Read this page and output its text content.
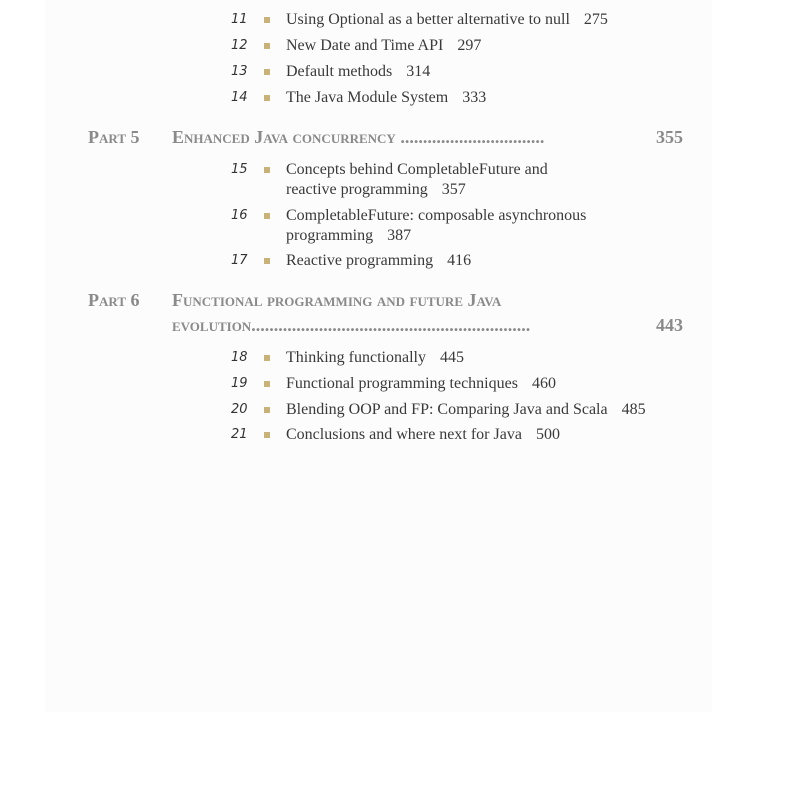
11 Using Optional as a better alternative to null 275
12 New Date and Time API 297
13 Default methods 314
14 The Java Module System 333
Part 5 Enhanced Java concurrency ................................	355
15 Concepts behind CompletableFuture and
reactive programming 357
16 CompletableFuture: composable asynchronous
programming 387
17 Reactive programming 416
Part 6 Functional programming and future Java
evolution..............................................................	443
18 Thinking functionally 445
19 Functional programming techniques 460
20 Blending OOP and FP: Comparing Java and Scala 485
21 Conclusions and where next for Java 500
